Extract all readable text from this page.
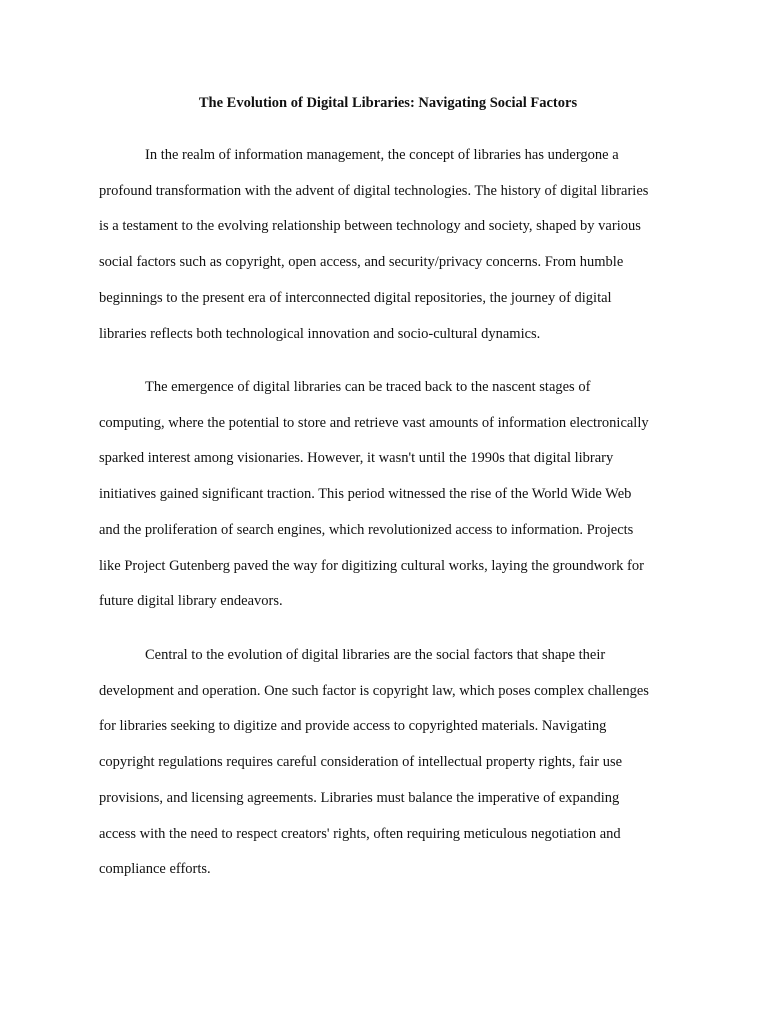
The Evolution of Digital Libraries: Navigating Social Factors
In the realm of information management, the concept of libraries has undergone a
profound transformation with the advent of digital technologies. The history of digital libraries
is a testament to the evolving relationship between technology and society, shaped by various
social factors such as copyright, open access, and security/privacy concerns. From humble
beginnings to the present era of interconnected digital repositories, the journey of digital
libraries reflects both technological innovation and socio-cultural dynamics.
The emergence of digital libraries can be traced back to the nascent stages of
computing, where the potential to store and retrieve vast amounts of information electronically
sparked interest among visionaries. However, it wasn't until the 1990s that digital library
initiatives gained significant traction. This period witnessed the rise of the World Wide Web
and the proliferation of search engines, which revolutionized access to information. Projects
like Project Gutenberg paved the way for digitizing cultural works, laying the groundwork for
future digital library endeavors.
Central to the evolution of digital libraries are the social factors that shape their
development and operation. One such factor is copyright law, which poses complex challenges
for libraries seeking to digitize and provide access to copyrighted materials. Navigating
copyright regulations requires careful consideration of intellectual property rights, fair use
provisions, and licensing agreements. Libraries must balance the imperative of expanding
access with the need to respect creators' rights, often requiring meticulous negotiation and
compliance efforts.
